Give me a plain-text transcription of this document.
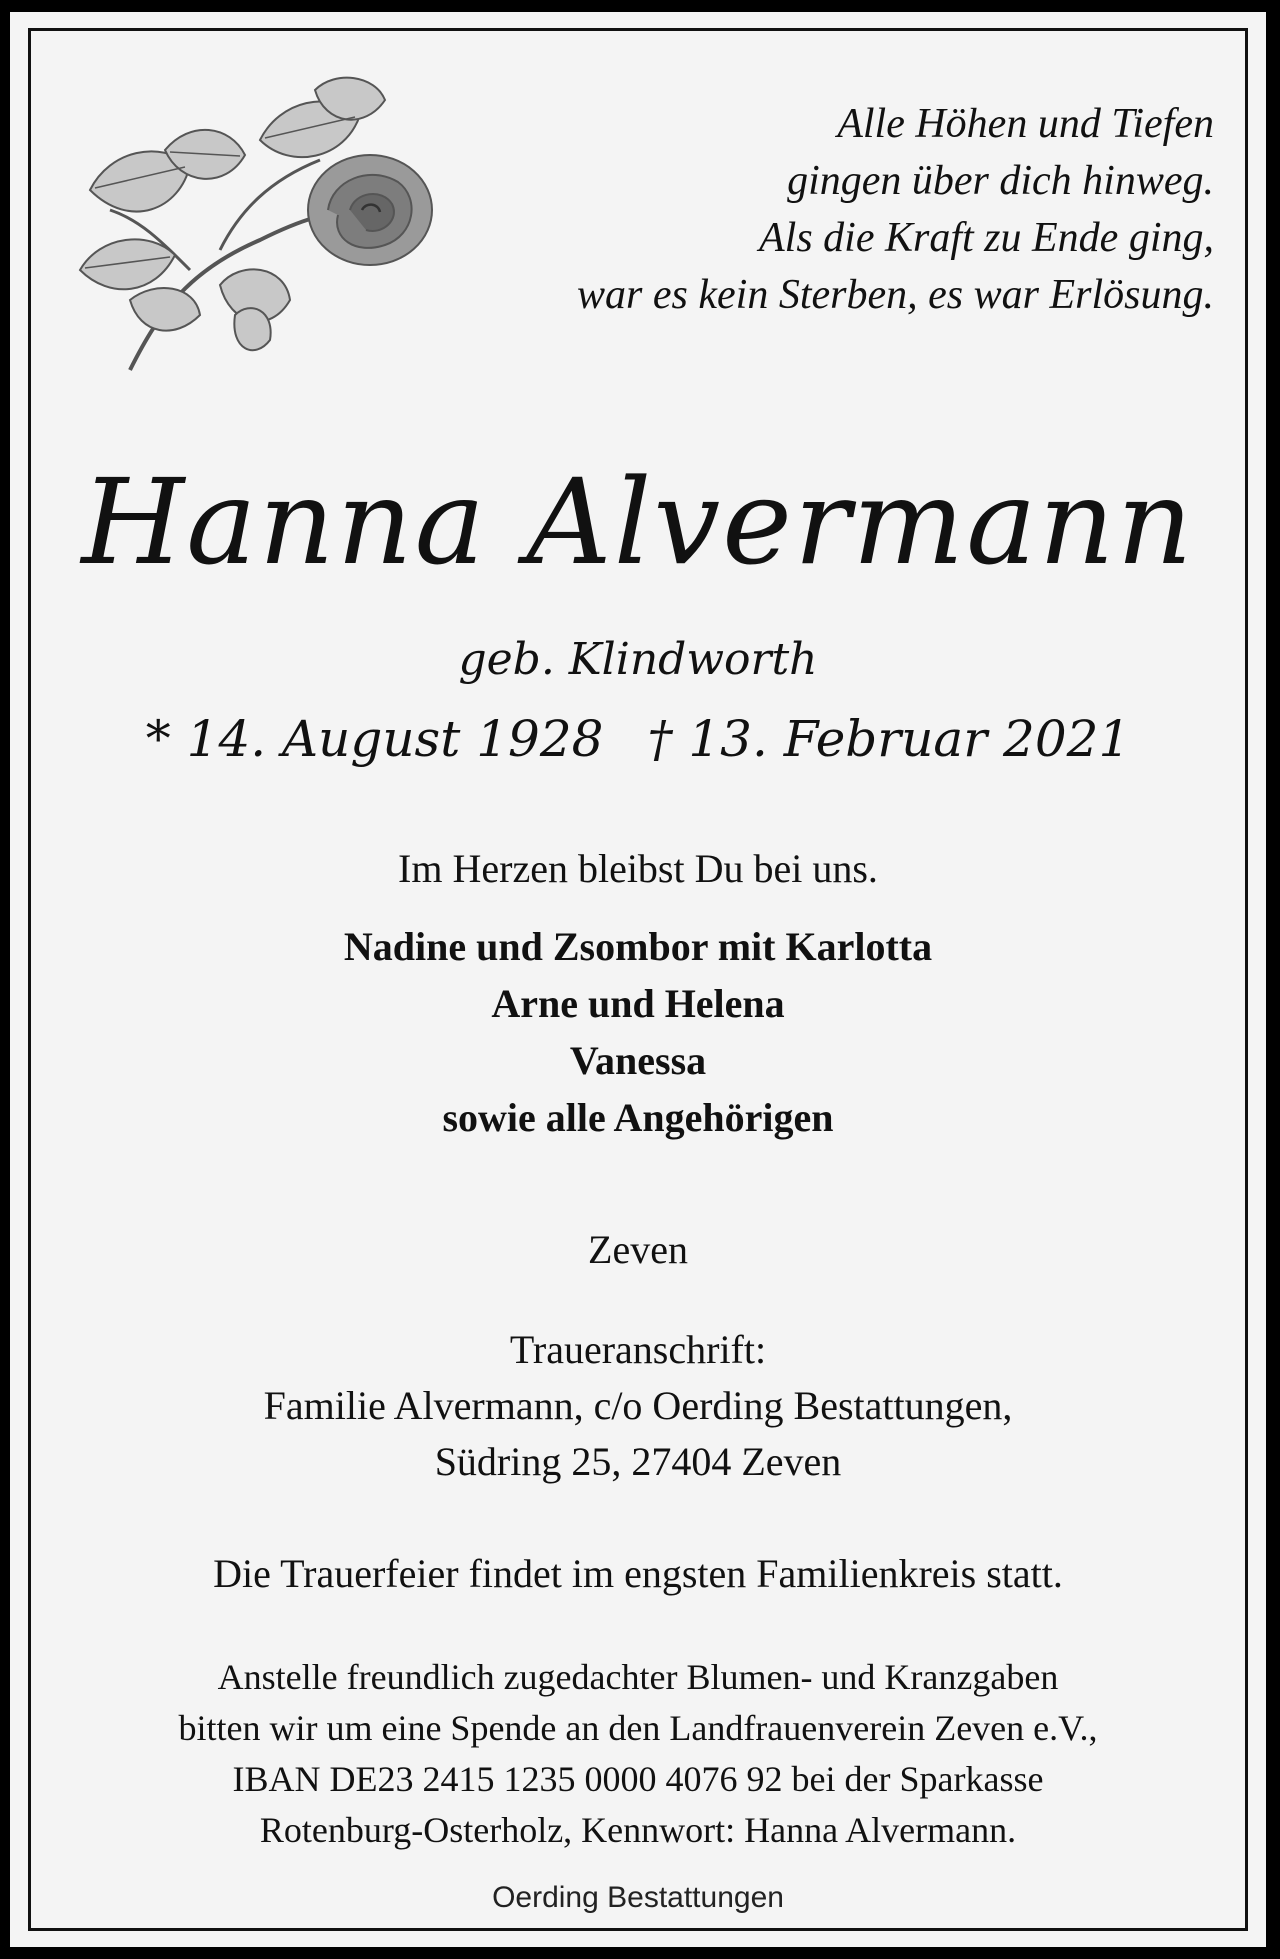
Alle Höhen und Tiefen
gingen über dich hinweg.
Als die Kraft zu Ende ging,
war es kein Sterben, es war Erlösung.
Hanna Alvermann
geb. Klindworth
* 14. August 1928 † 13. Februar 2021
Im Herzen bleibst Du bei uns.
Nadine und Zsombor mit Karlotta
Arne und Helena
Vanessa
sowie alle Angehörigen
Zeven
Traueranschrift:
Familie Alvermann, c/o Oerding Bestattungen,
Südring 25, 27404 Zeven
Die Trauerfeier findet im engsten Familienkreis statt.
Anstelle freundlich zugedachter Blumen- und Kranzgaben
bitten wir um eine Spende an den Landfrauenverein Zeven e.V.,
IBAN DE23 2415 1235 0000 4076 92 bei der Sparkasse
Rotenburg-Osterholz, Kennwort: Hanna Alvermann.
Oerding Bestattungen
